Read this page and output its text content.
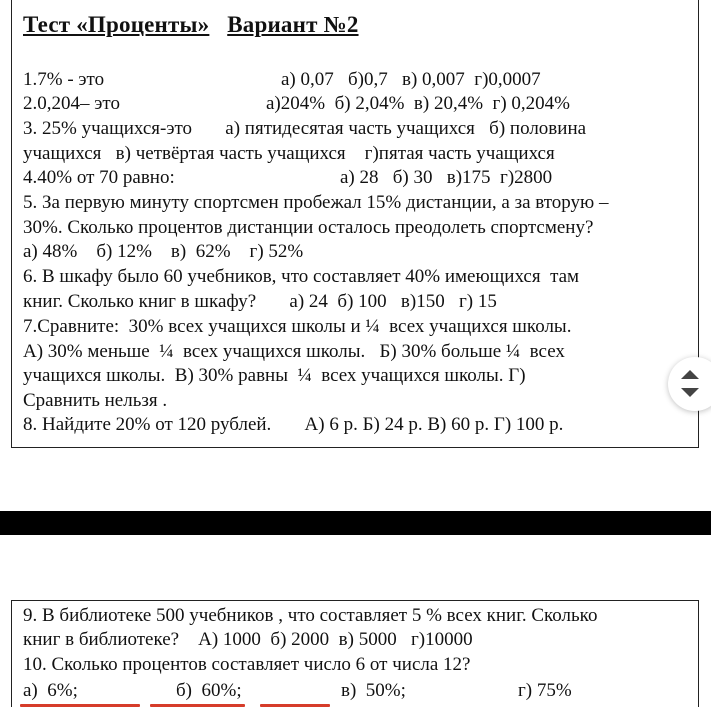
Тест «Проценты» Вариант №2
1.7% - это	а) 0,07   б)0,7   в) 0,007  г)0,0007
2.0,204– это	а)204%  б) 2,04%  в) 20,4%  г) 0,204%
3. 25% учащихся-это       а) пятидесятая часть учащихся   б) половина
учащихся   в) четвёртая часть учащихся    г)пятая часть учащихся
4.40% от 70 равно:	а) 28   б) 30   в)175  г)2800
5. За первую минуту спортсмен пробежал 15% дистанции, а за вторую –
30%. Сколько процентов дистанции осталось преодолеть спортсмену?
а) 48%    б) 12%    в)  62%    г) 52%
6. В шкафу было 60 учебников, что составляет 40% имеющихся  там
книг. Сколько книг в шкафу?       а) 24  б) 100   в)150   г) 15
7.Сравните:  30% всех учащихся школы и ¼  всех учащихся школы.
А) 30% меньше  ¼  всех учащихся школы.   Б) 30% больше ¼  всех
учащихся школы.  В) 30% равны  ¼  всех учащихся школы. Г)
Сравнить нельзя .
8. Найдите 20% от 120 рублей.       А) 6 р. Б) 24 р. В) 60 р. Г) 100 р.
9. В библиотеке 500 учебников , что составляет 5 % всех книг. Сколько
книг в библиотеке?    А) 1000  б) 2000  в) 5000   г)10000
10. Сколько процентов составляет число 6 от числа 12?
а)  6%;	б)  60%;	в)  50%;	г) 75%
